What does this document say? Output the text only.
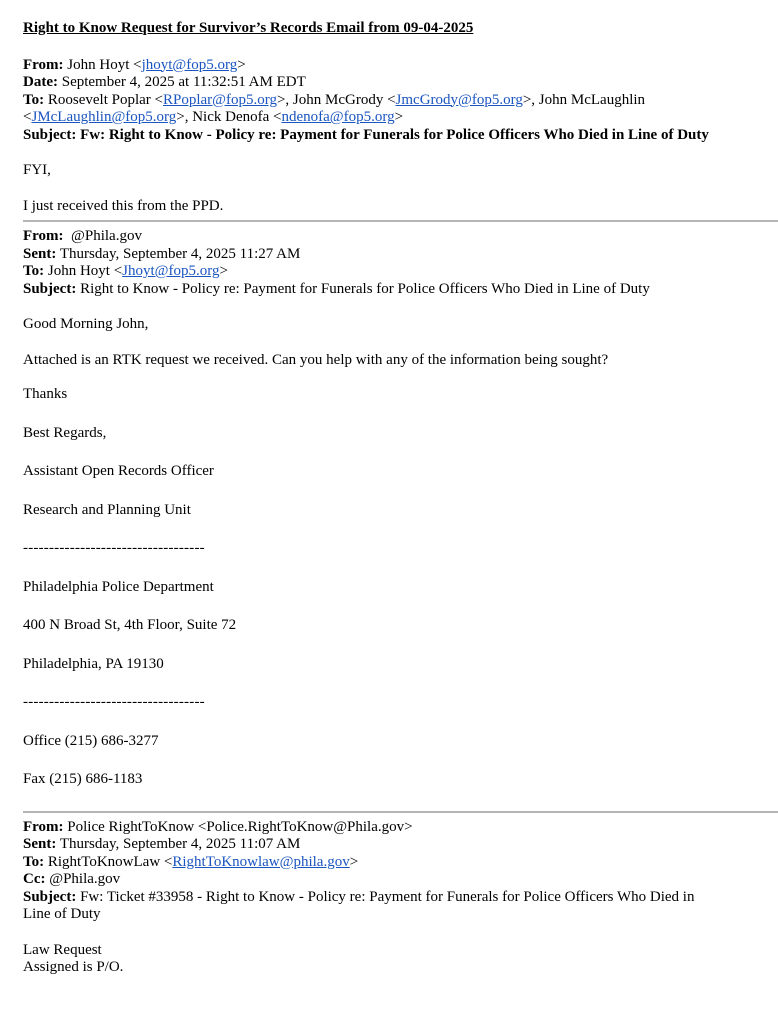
Right to Know Request for Survivor’s Records Email from 09-04-2025

From: John Hoyt <jhoyt@fop5.org>

Date: September 4, 2025 at 11:32:51 AM EDT

To: Roosevelt Poplar <RPoplar@fop5.org>, John McGrody <JmcGrody@fop5.org>, John McLaughlin
<JMcLaughlin@fop5.org>, Nick Denofa <ndenofa@fop5.org>

Subject: Fw: Right to Know - Policy re: Payment for Funerals for Police Officers Who Died in Line of Duty

FYI,

I just received this from the PPD.

From: @Phila.gov

Sent: Thursday, September 4, 2025 11:27 AM

To: John Hoyt <Jhoyt@fop5.org>

Subject: Right to Know - Policy re: Payment for Funerals for Police Officers Who Died in Line of Duty

Good Morning John,

Attached is an RTK request we received. Can you help with any of the information being sought?

Thanks

Best Regards,

Assistant Open Records Officer

Research and Planning Unit

-----------------------------------

Philadelphia Police Department

400 N Broad St, 4th Floor, Suite 72

Philadelphia, PA 19130

-----------------------------------

Office (215) 686-3277

Fax (215) 686-1183

From: Police RightToKnow <Police.RightToKnow@Phila.gov>

Sent: Thursday, September 4, 2025 11:07 AM

To: RightToKnowLaw <RightToKnowlaw@phila.gov>

Cc: @Phila.gov

Subject: Fw: Ticket #33958 - Right to Know - Policy re: Payment for Funerals for Police Officers Who Died in Line of Duty

Law Request

Assigned is P/O.
